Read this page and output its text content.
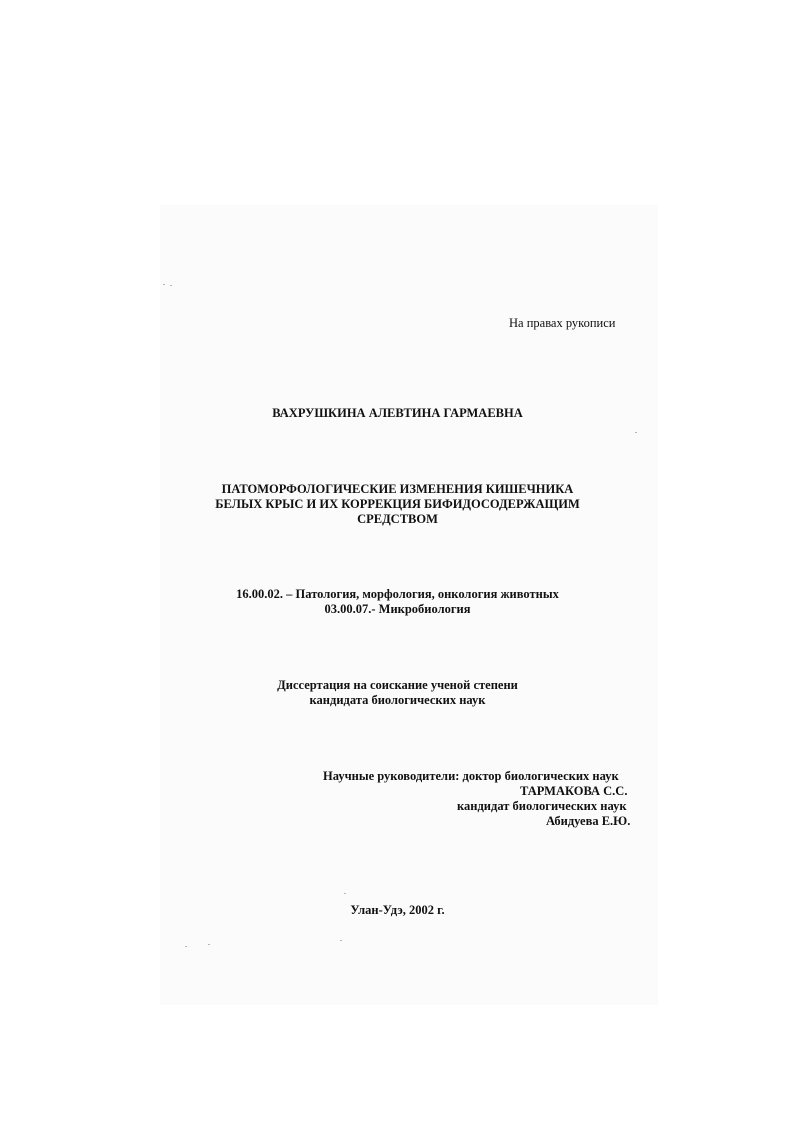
На правах рукописи

ВАХРУШКИНА АЛЕВТИНА ГАРМАЕВНА

ПАТОМОРФОЛОГИЧЕСКИЕ ИЗМЕНЕНИЯ КИШЕЧНИКА

БЕЛЫХ КРЫС И ИХ КОРРЕКЦИЯ БИФИДОСОДЕРЖАЩИМ

СРЕДСТВОМ

16.00.02. – Патология, морфология, онкология животных

03.00.07.- Микробиология

Диссертация на соискание ученой степени

кандидата биологических наук

Научные руководители: доктор биологических наук

ТАРМАКОВА С.С.

кандидат биологических наук

Абидуева Е.Ю.

Улан-Удэ, 2002 г.
